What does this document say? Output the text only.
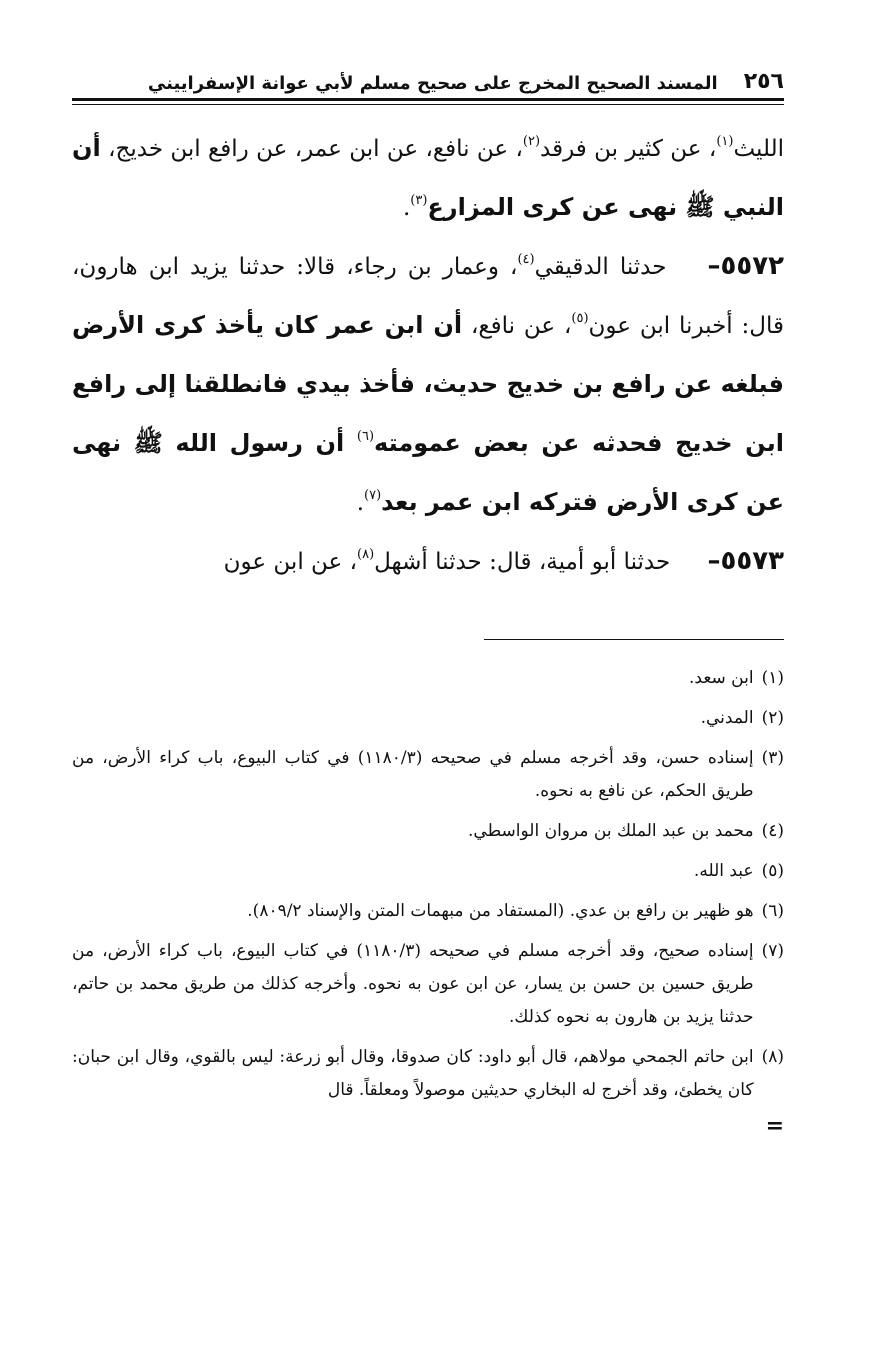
٢٥٦
المسند الصحيح المخرج على صحيح مسلم لأبي عوانة الإسفراييني

الليث$^{(١)}$، عن كثير بن فرقد$^{(٢)}$، عن نافع، عن ابن عمر، عن رافع ابن خديج، أن النبي ﷺ نهى عن كرى المزارع$^{(٣)}$.

٥٥٧٢– حدثنا الدقيقي$^{(٤)}$، وعمار بن رجاء، قالا: حدثنا يزيد ابن هارون، قال: أخبرنا ابن عون$^{(٥)}$، عن نافع، أن ابن عمر كان يأخذ كرى الأرض فبلغه عن رافع بن خديج حديث، فأخذ بيدي فانطلقنا إلى رافع ابن خديج فحدثه عن بعض عمومته$^{(٦)}$ أن رسول الله ﷺ نهى عن كرى الأرض فتركه ابن عمر بعد$^{(٧)}$.

٥٥٧٣– حدثنا أبو أمية، قال: حدثنا أشهل$^{(٨)}$، عن ابن عون

(١)
ابن سعد.
(٢)
المدني.
(٣)
إسناده حسن، وقد أخرجه مسلم في صحيحه (١١٨٠/٣) في كتاب البيوع، باب كراء الأرض، من طريق الحكم، عن نافع به نحوه.
(٤)
محمد بن عبد الملك بن مروان الواسطي.
(٥)
عبد الله.
(٦)
هو ظهير بن رافع بن عدي. (المستفاد من مبهمات المتن والإسناد ٨٠٩/٢).
(٧)
إسناده صحيح، وقد أخرجه مسلم في صحيحه (١١٨٠/٣) في كتاب البيوع، باب كراء الأرض، من طريق حسين بن حسن بن يسار، عن ابن عون به نحوه. وأخرجه كذلك من طريق محمد بن حاتم، حدثنا يزيد بن هارون به نحوه كذلك.
(٨)
ابن حاتم الجمحي مولاهم، قال أبو داود: كان صدوقا، وقال أبو زرعة: ليس بالقوي، وقال ابن حبان: كان يخطئ، وقد أخرج له البخاري حديثين موصولاً ومعلقاً. قال
=
